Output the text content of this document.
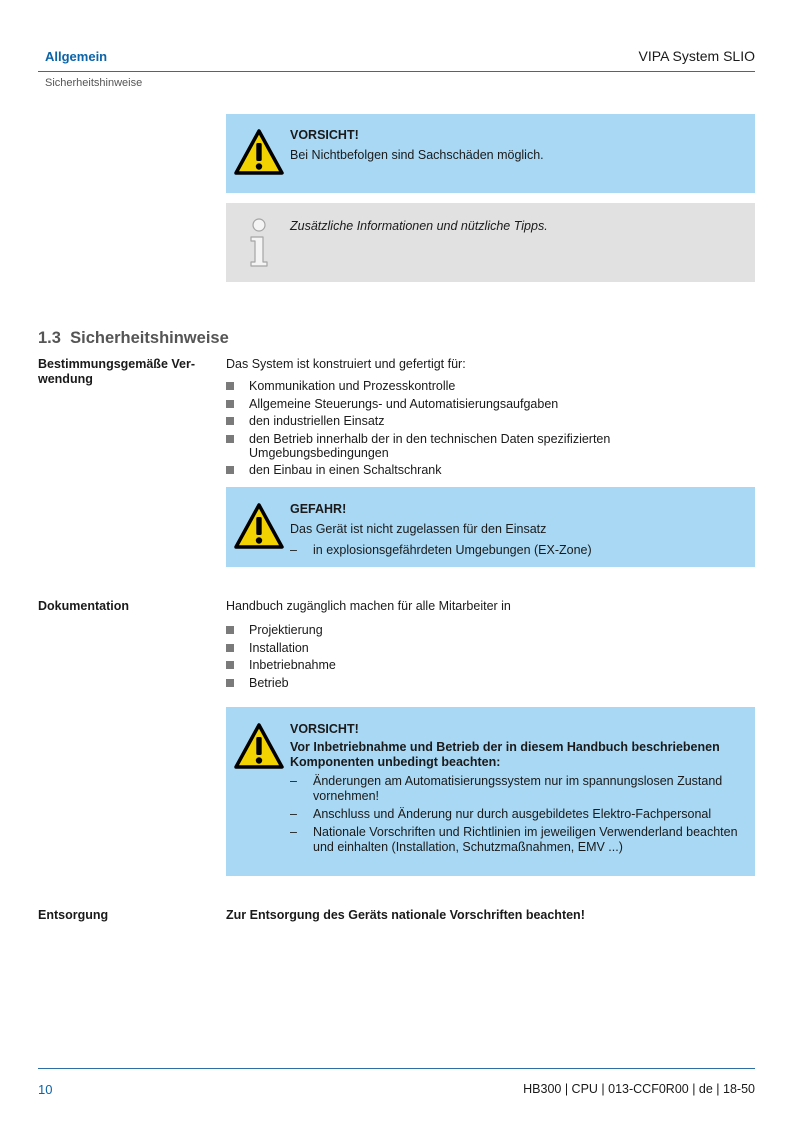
Allgemein	VIPA System SLIO
Sicherheitshinweise
VORSICHT!
Bei Nichtbefolgen sind Sachschäden möglich.
Zusätzliche Informationen und nützliche Tipps.
1.3 Sicherheitshinweise
Bestimmungsgemäße Ver-
wendung
Das System ist konstruiert und gefertigt für:
Kommunikation und Prozesskontrolle
Allgemeine Steuerungs- und Automatisierungsaufgaben
den industriellen Einsatz
den Betrieb innerhalb der in den technischen Daten spezifizierten Umgebungsbedingungen
den Einbau in einen Schaltschrank
GEFAHR!
Das Gerät ist nicht zugelassen für den Einsatz
– in explosionsgefährdeten Umgebungen (EX-Zone)
Dokumentation	Handbuch zugänglich machen für alle Mitarbeiter in
Projektierung
Installation
Inbetriebnahme
Betrieb
VORSICHT!
Vor Inbetriebnahme und Betrieb der in diesem Handbuch beschriebenen Komponenten unbedingt beachten:
– Änderungen am Automatisierungssystem nur im spannungslosen Zustand vornehmen!
– Anschluss und Änderung nur durch ausgebildetes Elektro-Fachpersonal
– Nationale Vorschriften und Richtlinien im jeweiligen Verwenderland beachten und einhalten (Installation, Schutzmaßnahmen, EMV ...)
Entsorgung	Zur Entsorgung des Geräts nationale Vorschriften beachten!
10	HB300 | CPU | 013-CCF0R00 | de | 18-50
